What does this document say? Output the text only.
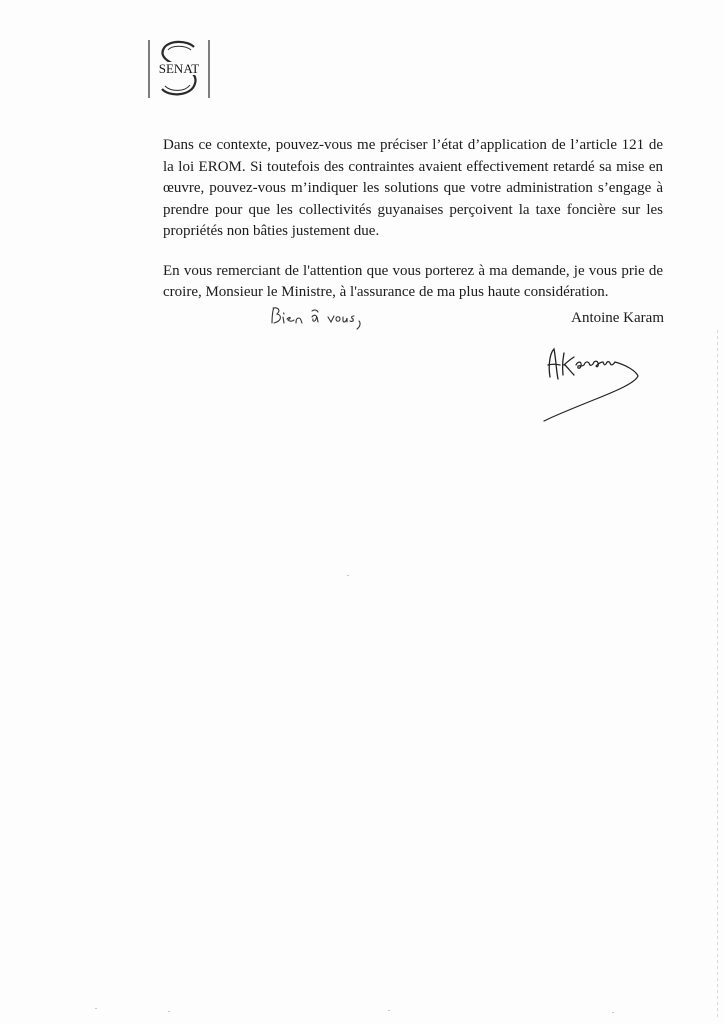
SENAT

Dans ce contexte, pouvez-vous me préciser l’état d’application de l’article 121 de la loi EROM. Si toutefois des contraintes avaient effectivement retardé sa mise en œuvre, pouvez-vous m’indiquer les solutions que votre administration s’engage à prendre pour que les collectivités guyanaises perçoivent la taxe foncière sur les propriétés non bâties justement due.

En vous remerciant de l'attention que vous porterez à ma demande, je vous prie de croire, Monsieur le Ministre, à l'assurance de ma plus haute considération.

Antoine Karam
